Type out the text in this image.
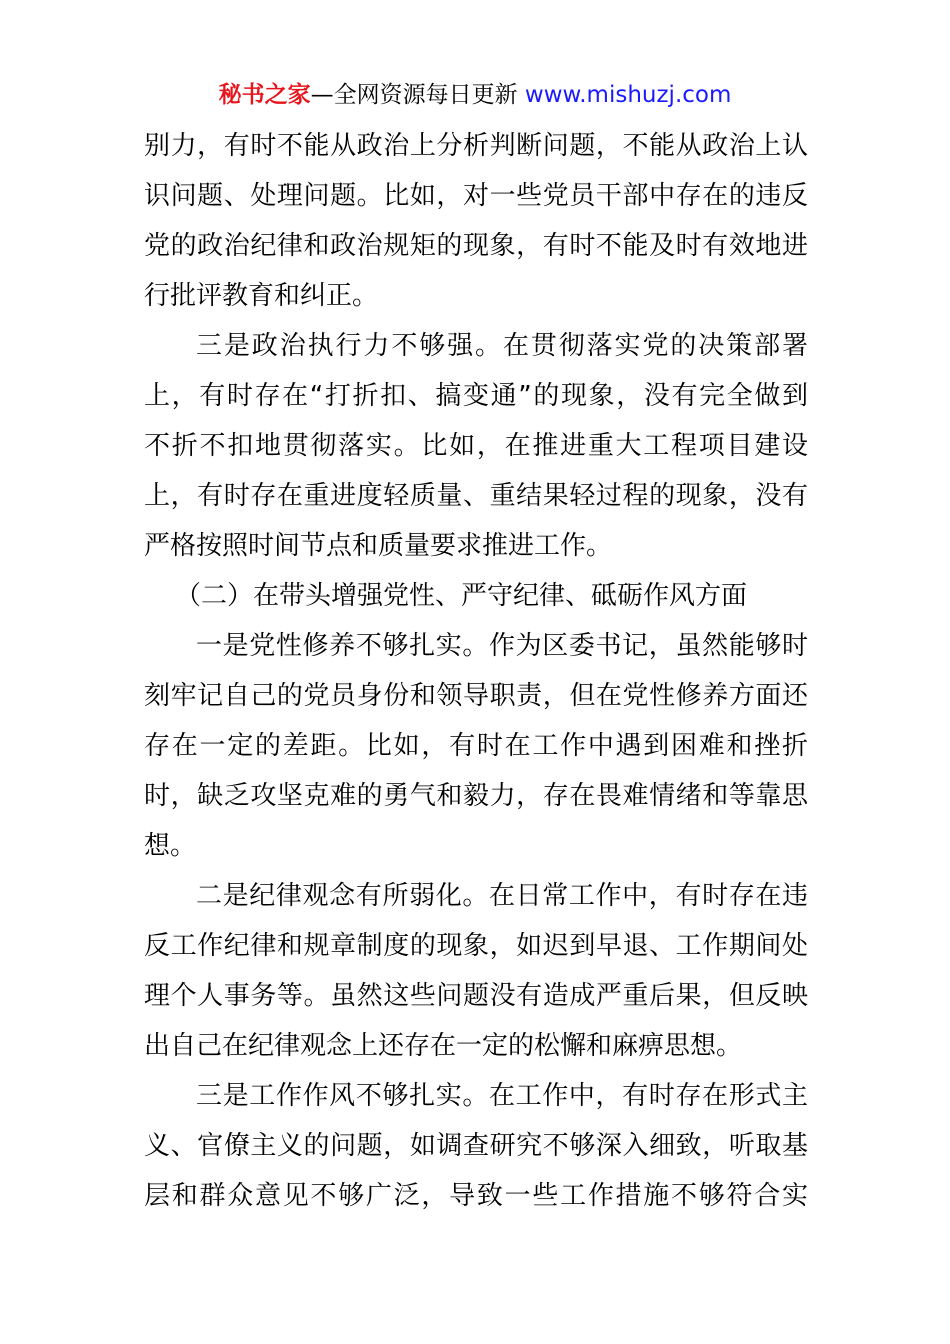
秘书之家—全网资源每日更新 www.mishuzj.com
别力，有时不能从政治上分析判断问题，不能从政治上认
识问题、处理问题。比如，对一些党员干部中存在的违反
党的政治纪律和政治规矩的现象，有时不能及时有效地进
行批评教育和纠正。
三是政治执行力不够强。在贯彻落实党的决策部署
上，有时存在“打折扣、搞变通”的现象，没有完全做到
不折不扣地贯彻落实。比如，在推进重大工程项目建设
上，有时存在重进度轻质量、重结果轻过程的现象，没有
严格按照时间节点和质量要求推进工作。
（二）在带头增强党性、严守纪律、砥砺作风方面
一是党性修养不够扎实。作为区委书记，虽然能够时
刻牢记自己的党员身份和领导职责，但在党性修养方面还
存在一定的差距。比如，有时在工作中遇到困难和挫折
时，缺乏攻坚克难的勇气和毅力，存在畏难情绪和等靠思
想。
二是纪律观念有所弱化。在日常工作中，有时存在违
反工作纪律和规章制度的现象，如迟到早退、工作期间处
理个人事务等。虽然这些问题没有造成严重后果，但反映
出自己在纪律观念上还存在一定的松懈和麻痹思想。
三是工作作风不够扎实。在工作中，有时存在形式主
义、官僚主义的问题，如调查研究不够深入细致，听取基
层和群众意见不够广泛，导致一些工作措施不够符合实
